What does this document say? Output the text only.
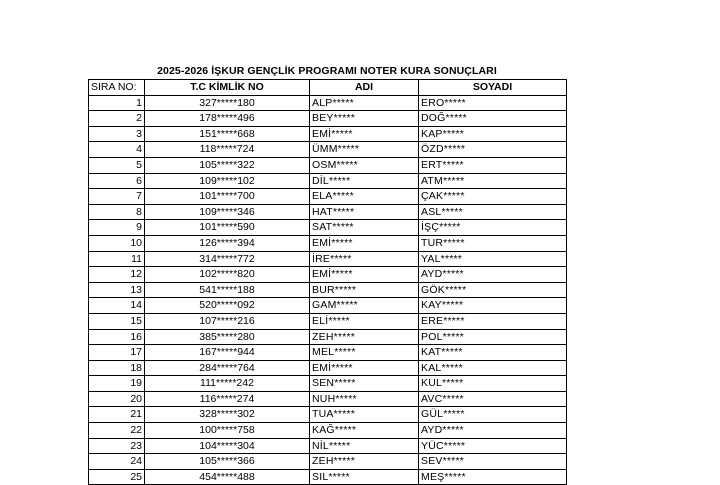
2025-2026 İŞKUR GENÇLİK PROGRAMI NOTER KURA SONUÇLARI
SIRA NO:	T.C KİMLİK NO	ADI	SOYADI
1	327*****180	ALP*****	ERO*****
2	178*****496	BEY*****	DOĞ*****
3	151*****668	EMİ*****	KAP*****
4	118*****724	ÜMM*****	ÖZD*****
5	105*****322	OSM*****	ERT*****
6	109*****102	DİL*****	ATM*****
7	101*****700	ELA*****	ÇAK*****
8	109*****346	HAT*****	ASL*****
9	101*****590	SAT*****	İŞÇ*****
10	126*****394	EMİ*****	TUR*****
11	314*****772	İRE*****	YAL*****
12	102*****820	EMİ*****	AYD*****
13	541*****188	BUR*****	GÖK*****
14	520*****092	GAM*****	KAY*****
15	107*****216	ELİ*****	ERE*****
16	385*****280	ZEH*****	POL*****
17	167*****944	MEL*****	KAT*****
18	284*****764	EMİ*****	KAL*****
19	111*****242	SEN*****	KUL*****
20	116*****274	NUH*****	AVC*****
21	328*****302	TUA*****	GÜL*****
22	100*****758	KAĞ*****	AYD*****
23	104*****304	NİL*****	YÜC*****
24	105*****366	ZEH*****	SEV*****
25	454*****488	SIL*****	MEŞ*****
